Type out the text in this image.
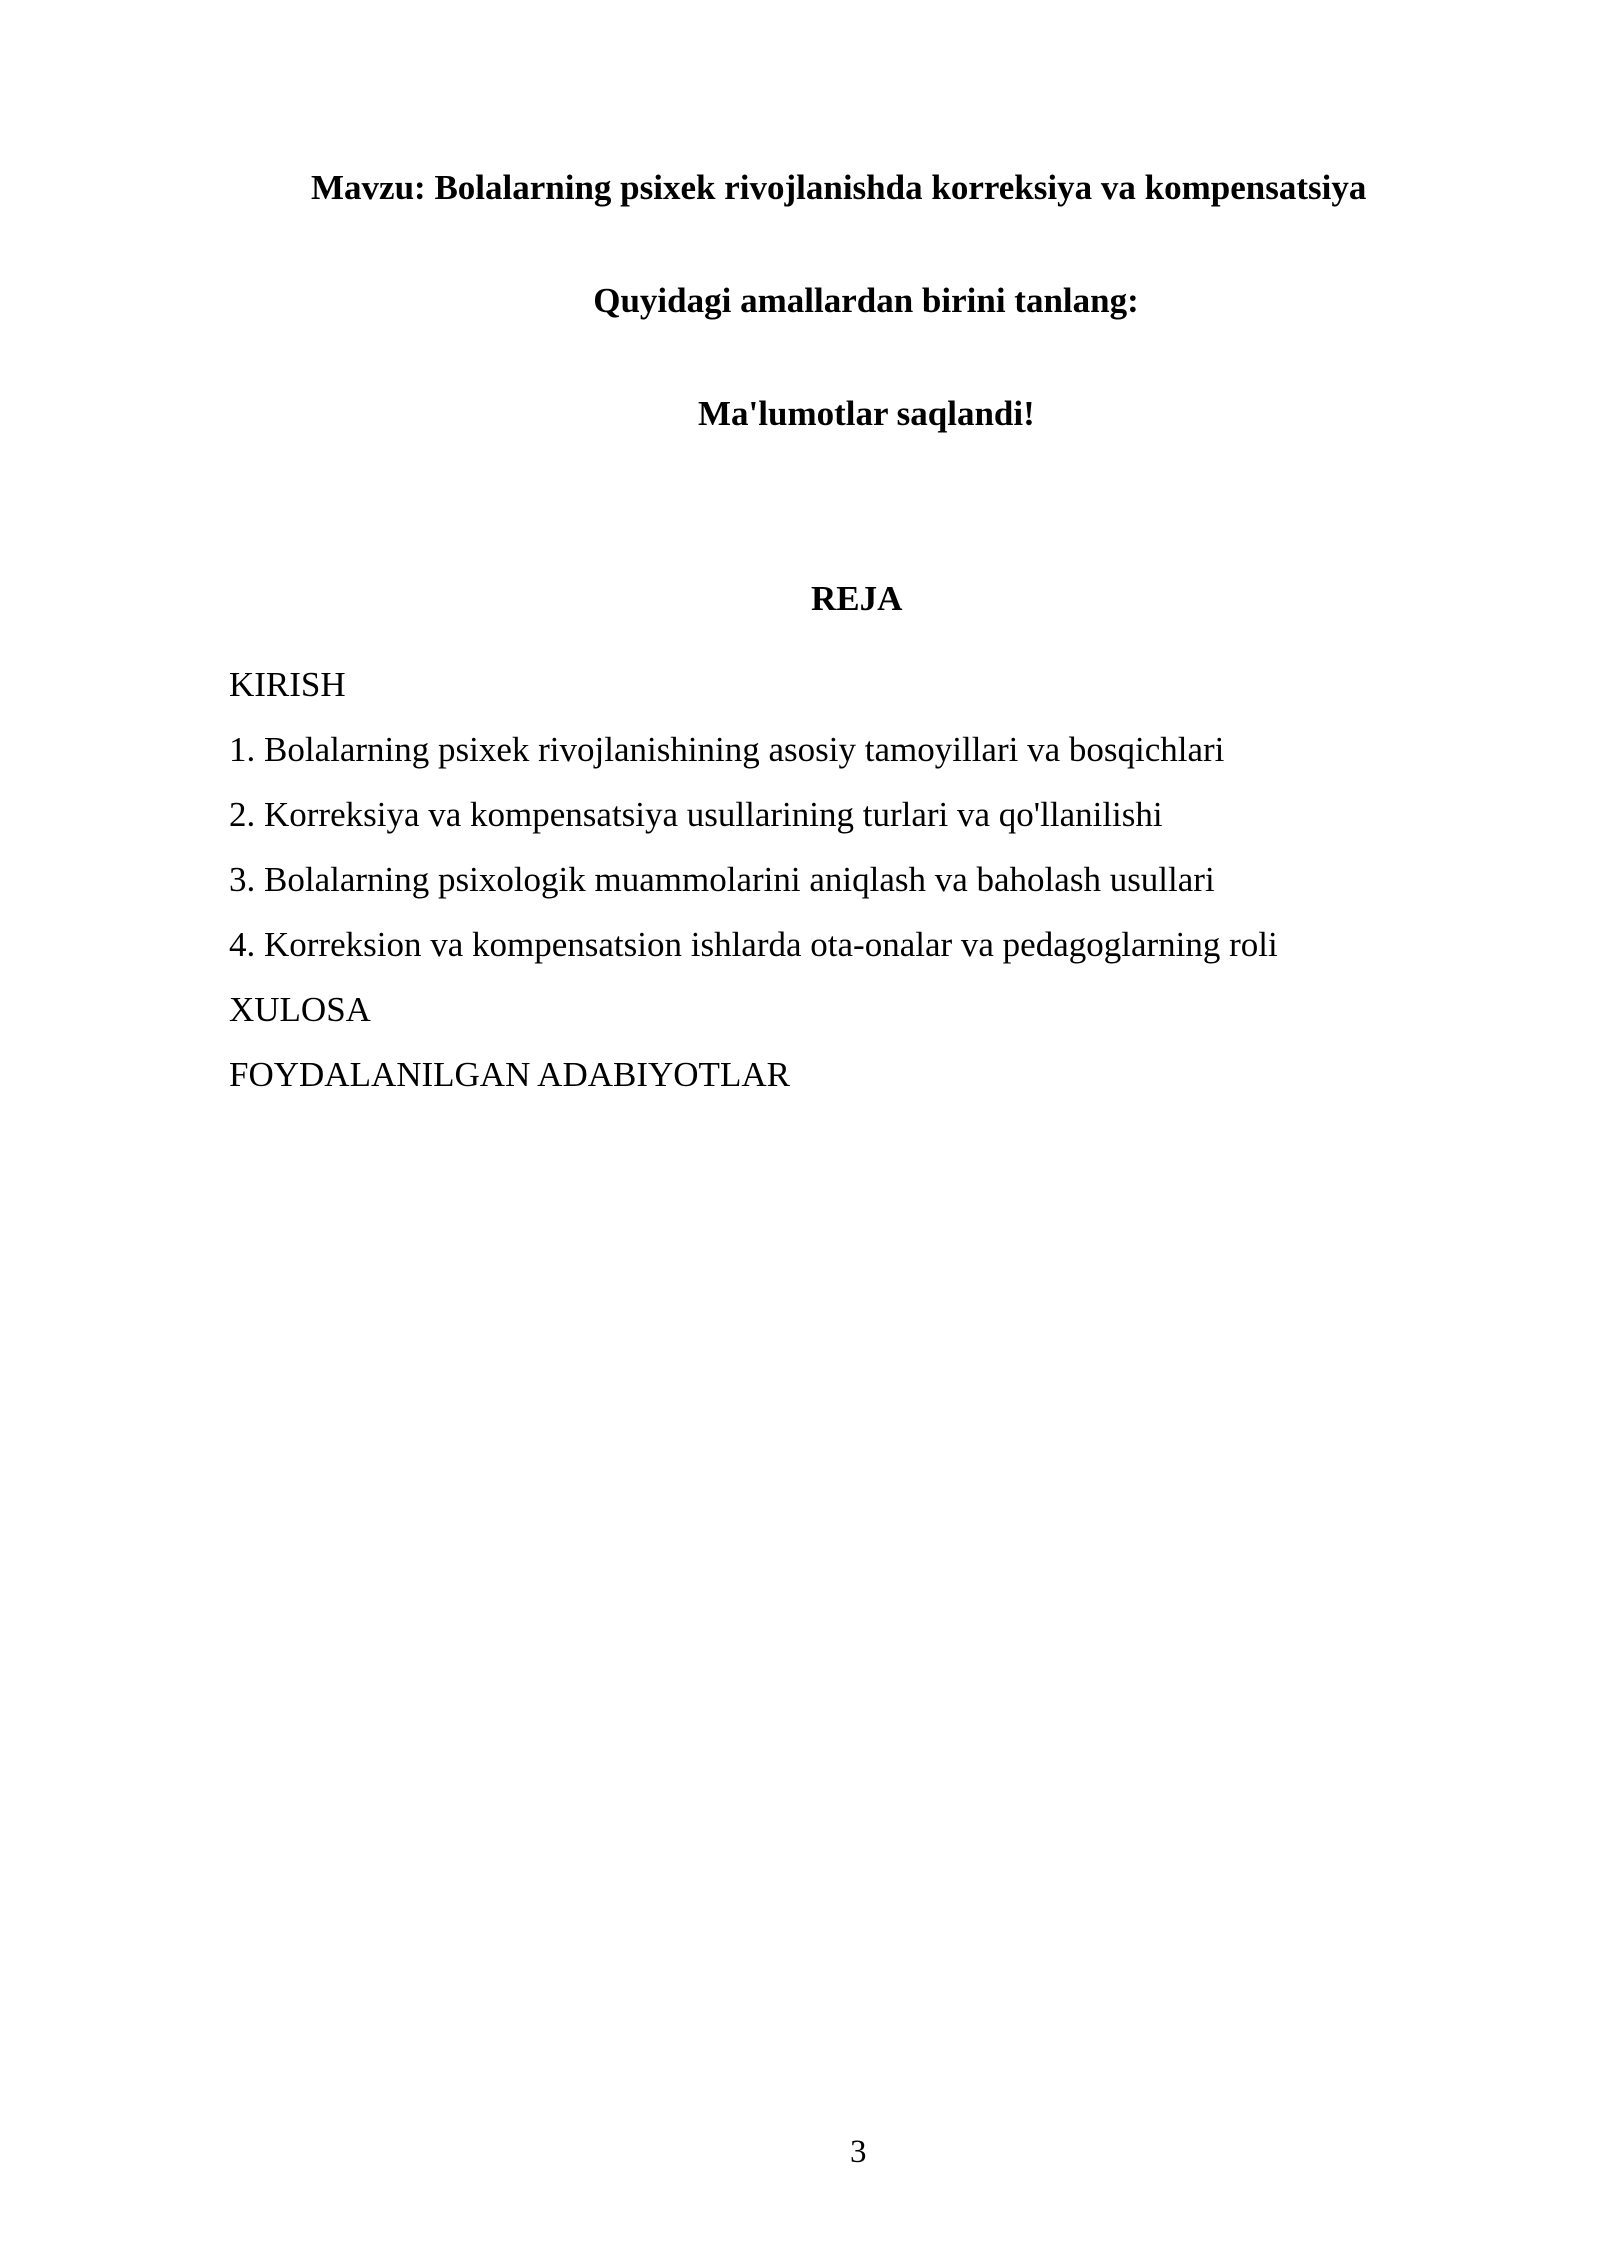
Mavzu: Bolalarning psixek rivojlanishda korreksiya va kompensatsiya
Quyidagi amallardan birini tanlang:
Ma'lumotlar saqlandi!
REJA
KIRISH
1. Bolalarning psixek rivojlanishining asosiy tamoyillari va bosqichlari
2. Korreksiya va kompensatsiya usullarining turlari va qo'llanilishi
3. Bolalarning psixologik muammolarini aniqlash va baholash usullari
4. Korreksion va kompensatsion ishlarda ota-onalar va pedagoglarning roli
XULOSA
FOYDALANILGAN ADABIYOTLAR
3
